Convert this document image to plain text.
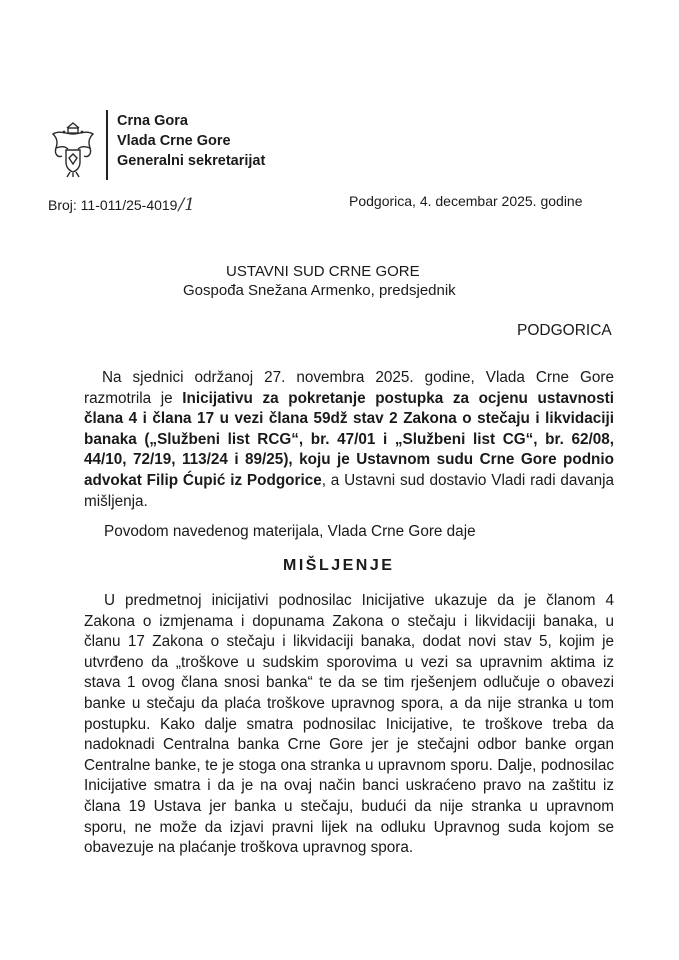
Crna Gora
Vlada Crne Gore
Generalni sekretarijat
Broj: 11-011/25-4019/1	Podgorica, 4. decembar 2025. godine
USTAVNI SUD CRNE GORE
Gospođa Snežana Armenko, predsjednik
PODGORICA
Na sjednici održanoj 27. novembra 2025. godine, Vlada Crne Gore razmotrila je Inicijativu za pokretanje postupka za ocjenu ustavnosti člana 4 i člana 17 u vezi člana 59dž stav 2 Zakona o stečaju i likvidaciji banaka („Službeni list RCG“, br. 47/01 i „Službeni list CG“, br. 62/08, 44/10, 72/19, 113/24 i 89/25), koju je Ustavnom sudu Crne Gore podnio advokat Filip Ćupić iz Podgorice, a Ustavni sud dostavio Vladi radi davanja mišljenja.
Povodom navedenog materijala, Vlada Crne Gore daje
MIŠLJENJE
U predmetnoj inicijativi podnosilac Inicijative ukazuje da je članom 4 Zakona o izmjenama i dopunama Zakona o stečaju i likvidaciji banaka, u članu 17 Zakona o stečaju i likvidaciji banaka, dodat novi stav 5, kojim je utvrđeno da „troškove u sudskim sporovima u vezi sa upravnim aktima iz stava 1 ovog člana snosi banka“ te da se tim rješenjem odlučuje o obavezi banke u stečaju da plaća troškove upravnog spora, a da nije stranka u tom postupku. Kako dalje smatra podnosilac Inicijative, te troškove treba da nadoknadi Centralna banka Crne Gore jer je stečajni odbor banke organ Centralne banke, te je stoga ona stranka u upravnom sporu. Dalje, podnosilac Inicijative smatra i da je na ovaj način banci uskraćeno pravo na zaštitu iz člana 19 Ustava jer banka u stečaju, budući da nije stranka u upravnom sporu, ne može da izjavi pravni lijek na odluku Upravnog suda kojom se obavezuje na plaćanje troškova upravnog spora.
